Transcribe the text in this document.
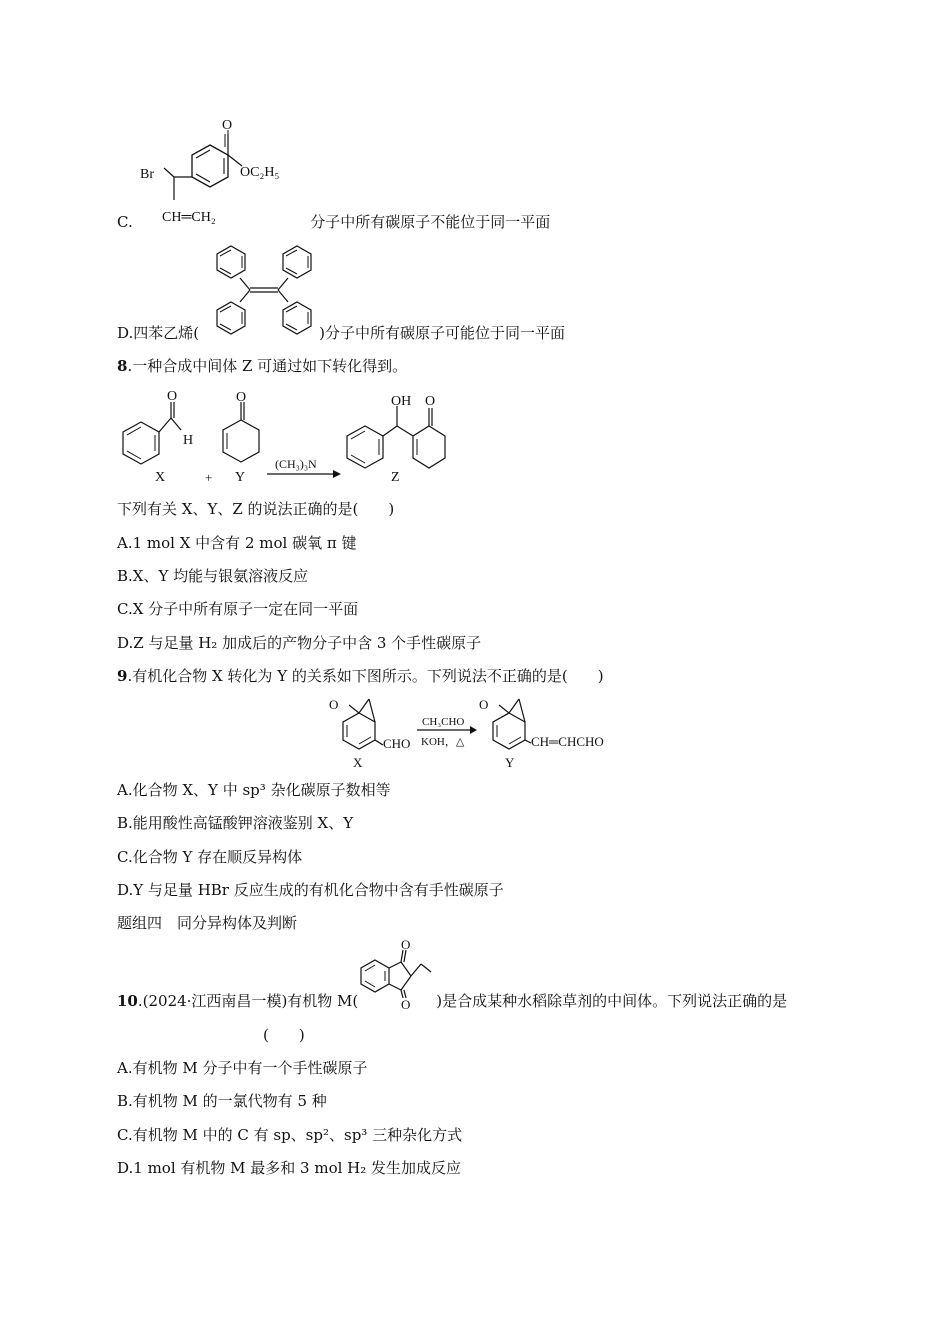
O
OC₂H₅
Br
CH═CH₂
C.	分子中所有碳原子不能位于同一平面
D.四苯乙烯(	)分子中所有碳原子可能位于同一平面
8.一种合成中间体 Z 可通过如下转化得到。
O
H
X	+
O
Y
(CH₃)₃N
OH O
Z
下列有关 X、Y、Z 的说法正确的是(　　)
A.1 mol X 中含有 2 mol 碳氧 π 键
B.X、Y 均能与银氨溶液反应
C.X 分子中所有原子一定在同一平面
D.Z 与足量 H₂ 加成后的产物分子中含 3 个手性碳原子
9.有机化合物 X 转化为 Y 的关系如下图所示。下列说法不正确的是(　　)
O
CHO
X
CH₃CHO
KOH，△
O
CH═CHCHO
Y
A.化合物 X、Y 中 sp³ 杂化碳原子数相等
B.能用酸性高锰酸钾溶液鉴别 X、Y
C.化合物 Y 存在顺反异构体
D.Y 与足量 HBr 反应生成的有机化合物中含有手性碳原子
题组四　同分异构体及判断
O
O
10.(2024·江西南昌一模)有机物 M(	)是合成某种水稻除草剂的中间体。下列说法正确的是
(　　)
A.有机物 M 分子中有一个手性碳原子
B.有机物 M 的一氯代物有 5 种
C.有机物 M 中的 C 有 sp、sp²、sp³ 三种杂化方式
D.1 mol 有机物 M 最多和 3 mol H₂ 发生加成反应
